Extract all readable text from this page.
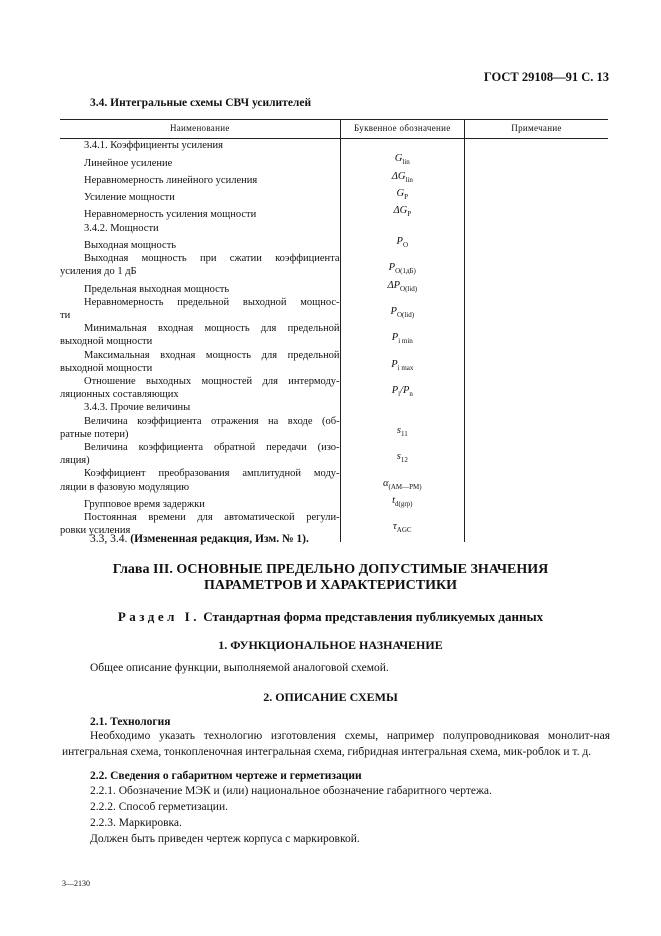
ГОСТ 29108—91 С. 13
3.4. Интегральные схемы СВЧ усилителей
Наименование	Буквенное обозначение	Примечание
3.4.1. Коэффициенты усиления		
Линейное усиление	$G_{lin}$	
Неравномерность линейного усиления	$\Delta G_{lin}$	
Усиление мощности	$G_P$	
Неравномерность усиления мощности	$\Delta G_P$	
3.4.2. Мощности		
Выходная мощность	$P_O$	

Выходная мощность при сжатии коэффициента
усиления до 1 дБ	$P_{O(1дБ)}$	
Предельная выходная мощность	$\Delta P_{O(lid)}$	

Неравномерность предельной выходной мощнос-
ти	$P_{O(lid)}$	

Минимальная входная мощность для предельной
выходной мощности	$P_{i min}$	

Максимальная входная мощность для предельной
выходной мощности	$P_{i max}$	

Отношение выходных мощностей для интермоду-
ляционных составляющих	$P_i/P_n$	
3.4.3. Прочие величины		

Величина коэффициента отражения на входе (об-
ратные потери)	$s_{11}$	

Величина коэффициента обратной передачи (изо-
ляция)	$s_{12}$	

Коэффициент преобразования амплитудной моду-
ляции в фазовую модуляцию	$\alpha_{(AM—PM)}$	
Групповое время задержки	$t_{d(grp)}$	

Постоянная времени для автоматической регули-
ровки усиления	$\tau_{AGC}$	
3.3, 3.4. (Измененная редакция, Изм. № 1).
Глава III. ОСНОВНЫЕ ПРЕДЕЛЬНО ДОПУСТИМЫЕ ЗНАЧЕНИЯ
ПАРАМЕТРОВ И ХАРАКТЕРИСТИКИ
Раздел I. Стандартная форма представления публикуемых данных
1. ФУНКЦИОНАЛЬНОЕ НАЗНАЧЕНИЕ
Общее описание функции, выполняемой аналоговой схемой.
2. ОПИСАНИЕ СХЕМЫ
2.1. Технология
Необходимо указать технологию изготовления схемы, например полупроводниковая монолит-ная интегральная схема, тонкопленочная интегральная схема, гибридная интегральная схема, мик-роблок и т. д.
2.2. Сведения о габаритном чертеже и герметизации
2.2.1. Обозначение МЭК и (или) национальное обозначение габаритного чертежа.
2.2.2. Способ герметизации.
2.2.3. Маркировка.
Должен быть приведен чертеж корпуса с маркировкой.
3—2130
